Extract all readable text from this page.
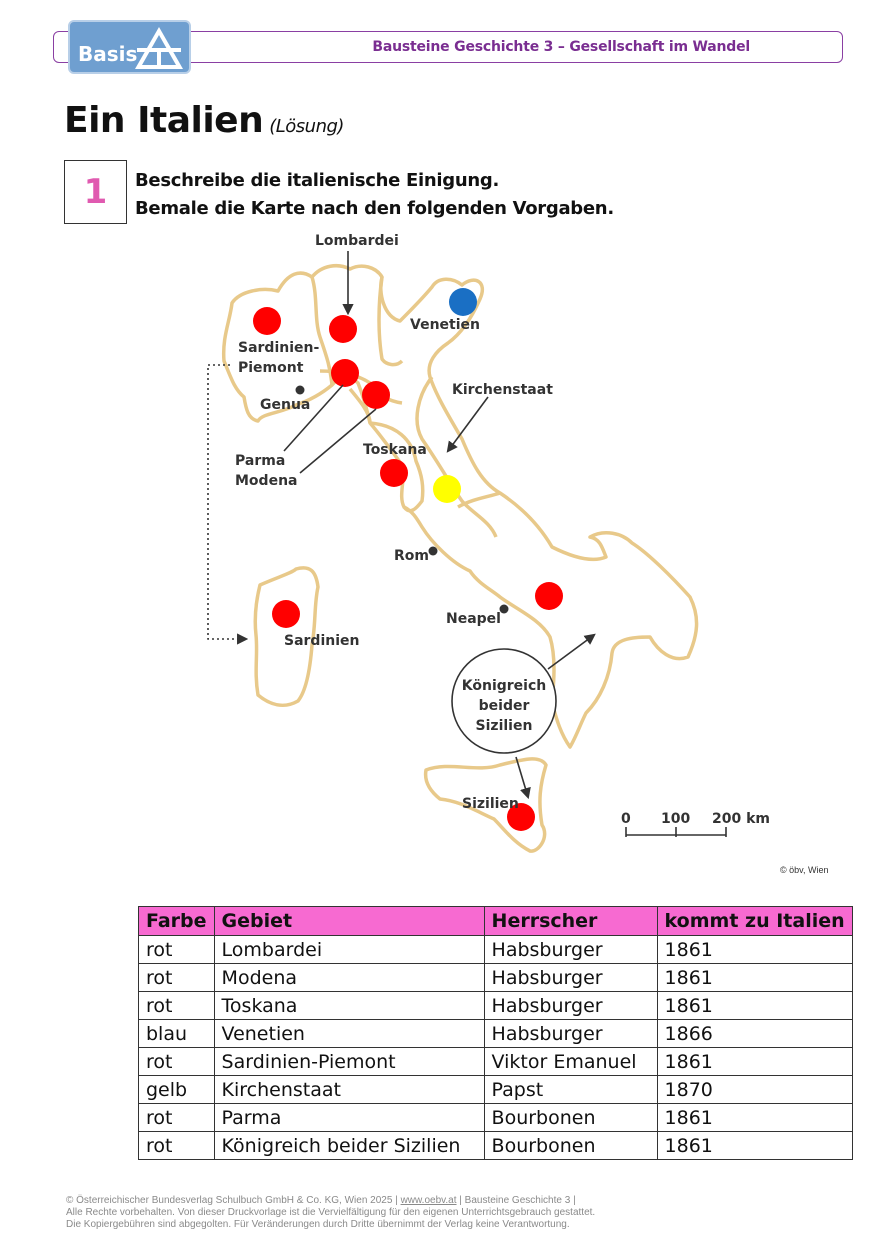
Basis	Bausteine Geschichte 3 – Gesellschaft im Wandel
Ein Italien (Lösung)
1	Beschreibe die italienische Einigung.
Bemale die Karte nach den folgenden Vorgaben.
Lombardei
Venetien
Sardinien-
Piemont
Genua
Kirchenstaat
Parma
Modena
Toskana
Rom
Sardinien
Neapel
Königreich
beider
Sizilien
Sizilien
0 100 200 km
© öbv, Wien
Farbe	Gebiet	Herrscher	kommt zu Italien
rot	Lombardei	Habsburger	1861
rot	Modena	Habsburger	1861
rot	Toskana	Habsburger	1861
blau	Venetien	Habsburger	1866
rot	Sardinien-Piemont	Viktor Emanuel	1861
gelb	Kirchenstaat	Papst	1870
rot	Parma	Bourbonen	1861
rot	Königreich beider Sizilien	Bourbonen	1861
© Österreichischer Bundesverlag Schulbuch GmbH & Co. KG, Wien 2025 | www.oebv.at | Bausteine Geschichte 3 |
Alle Rechte vorbehalten. Von dieser Druckvorlage ist die Vervielfältigung für den eigenen Unterrichtsgebrauch gestattet.
Die Kopiergebühren sind abgegolten. Für Veränderungen durch Dritte übernimmt der Verlag keine Verantwortung.
